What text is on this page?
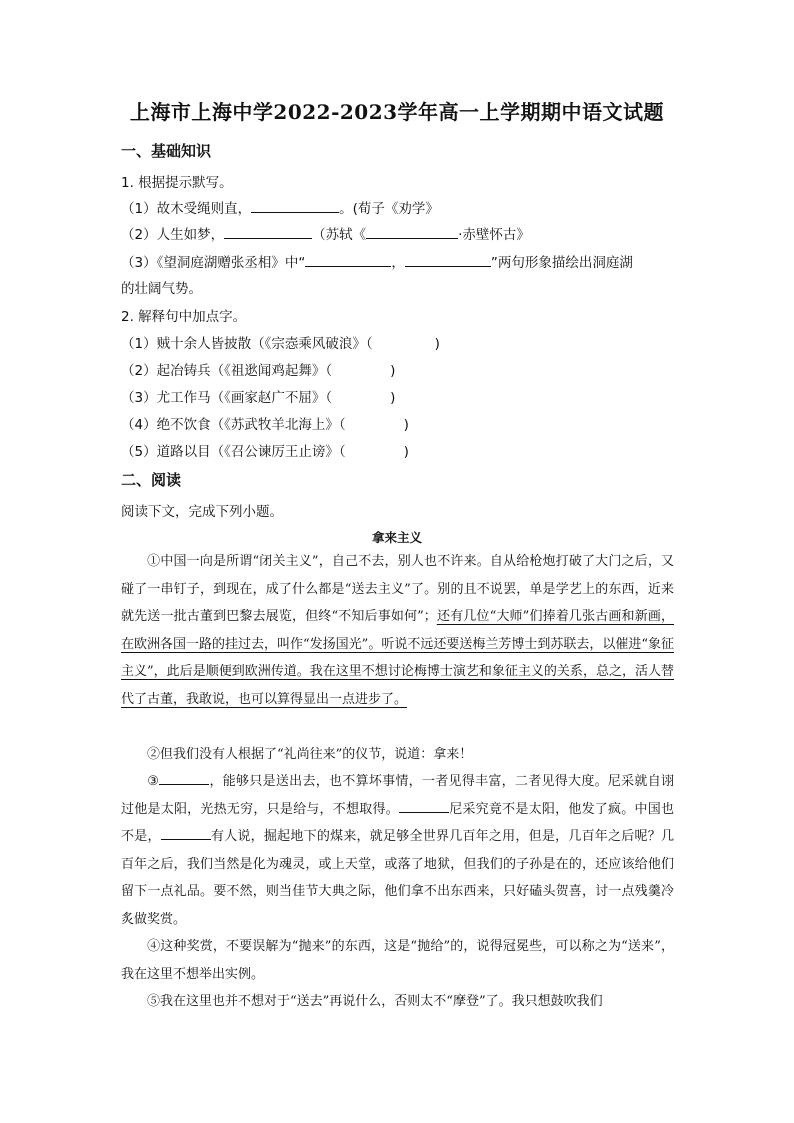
上海市上海中学2022-2023学年高一上学期期中语文试题
一、基础知识
1. 根据提示默写。
（1）故木受绳则直，	。(荀子《劝学》
（2）人生如梦，	（苏轼《	·赤壁怀古》
（3）《望洞庭湖赠张丞相》中“	，	”两句形象描绘出洞庭湖
的壮阔气势。
2. 解释句中加点字。
（1）贼十余人皆披散（《宗悫乘风破浪》（	)
（2）起冶铸兵（《祖逖闻鸡起舞》（	)
（3）尤工作马（《画家赵广不屈》（	)
（4）绝不饮食（《苏武牧羊北海上》（	)
（5）道路以目（《召公谏厉王止谤》（	)
二、阅读
阅读下文，完成下列小题。
拿来主义
①中国一向是所谓“闭关主义”，自己不去，别人也不许来。自从给枪炮打破了大门之后，又碰了一串钉子，到现在，成了什么都是“送去主义”了。别的且不说罢，单是学艺上的东西，近来就先送一批古董到巴黎去展览，但终“不知后事如何”；还有几位“大师”们捧着几张古画和新画，在欧洲各国一路的挂过去，叫作“发扬国光”。听说不远还要送梅兰芳博士到苏联去，以催进“象征主义”，此后是顺便到欧洲传道。我在这里不想讨论梅博士演艺和象征主义的关系，总之，活人替代了古董，我敢说，也可以算得显出一点进步了。
②但我们没有人根据了“礼尚往来”的仪节，说道：拿来！
③	，能够只是送出去，也不算坏事情，一者见得丰富，二者见得大度。尼采就自诩过他是太阳，光热无穷，只是给与，不想取得。	尼采究竟不是太阳，他发了疯。中国也不是，	有人说，掘起地下的煤来，就足够全世界几百年之用，但是，几百年之后呢？几百年之后，我们当然是化为魂灵，或上天堂，或落了地狱，但我们的子孙是在的，还应该给他们留下一点礼品。要不然，则当佳节大典之际，他们拿不出东西来，只好磕头贺喜，讨一点残羹冷炙做奖赏。
④这种奖赏，不要误解为“抛来”的东西，这是“抛给”的，说得冠冕些，可以称之为“送来”，我在这里不想举出实例。
⑤我在这里也并不想对于“送去”再说什么，否则太不“摩登”了。我只想鼓吹我们
